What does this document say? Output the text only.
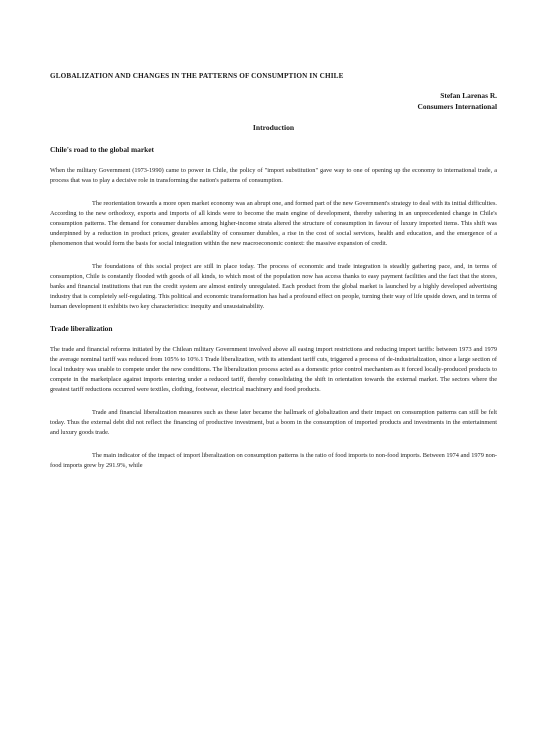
GLOBALIZATION AND CHANGES IN THE PATTERNS OF CONSUMPTION IN CHILE
Stefan Larenas R.
Consumers International
Introduction
Chile's road to the global market

When the military Government (1973-1990) came to power in Chile, the policy of "import substitution" gave way to one of opening up the economy to international trade, a process that was to play a decisive role in transforming the nation's patterns of consumption.

The reorientation towards a more open market economy was an abrupt one, and formed part of the new Government's strategy to deal with its initial difficulties. According to the new orthodoxy, exports and imports of all kinds were to become the main engine of development, thereby ushering in an unprecedented change in Chile's consumption patterns. The demand for consumer durables among higher-income strata altered the structure of consumption in favour of luxury imported items. This shift was underpinned by a reduction in product prices, greater availability of consumer durables, a rise in the cost of social services, health and education, and the emergence of a phenomenon that would form the basis for social integration within the new macroeconomic context: the massive expansion of credit.

The foundations of this social project are still in place today. The process of economic and trade integration is steadily gathering pace, and, in terms of consumption, Chile is constantly flooded with goods of all kinds, to which most of the population now has access thanks to easy payment facilities and the fact that the stores, banks and financial institutions that run the credit system are almost entirely unregulated. Each product from the global market is launched by a highly developed advertising industry that is completely self-regulating. This political and economic transformation has had a profound effect on people, turning their way of life upside down, and in terms of human development it exhibits two key characteristics: inequity and unsustainability.

Trade liberalization

The trade and financial reforms initiated by the Chilean military Government involved above all easing import restrictions and reducing import tariffs: between 1973 and 1979 the average nominal tariff was reduced from 105% to 10%.1 Trade liberalization, with its attendant tariff cuts, triggered a process of de-industrialization, since a large section of local industry was unable to compete under the new conditions. The liberalization process acted as a domestic price control mechanism as it forced locally-produced products to compete in the marketplace against imports entering under a reduced tariff, thereby consolidating the shift in orientation towards the external market. The sectors where the greatest tariff reductions occurred were textiles, clothing, footwear, electrical machinery and food products.

Trade and financial liberalization measures such as these later became the hallmark of globalization and their impact on consumption patterns can still be felt today. Thus the external debt did not reflect the financing of productive investment, but a boom in the consumption of imported products and investments in the entertainment and luxury goods trade.

The main indicator of the impact of import liberalization on consumption patterns is the ratio of food imports to non-food imports. Between 1974 and 1979 non-food imports grew by 291.9%, while
